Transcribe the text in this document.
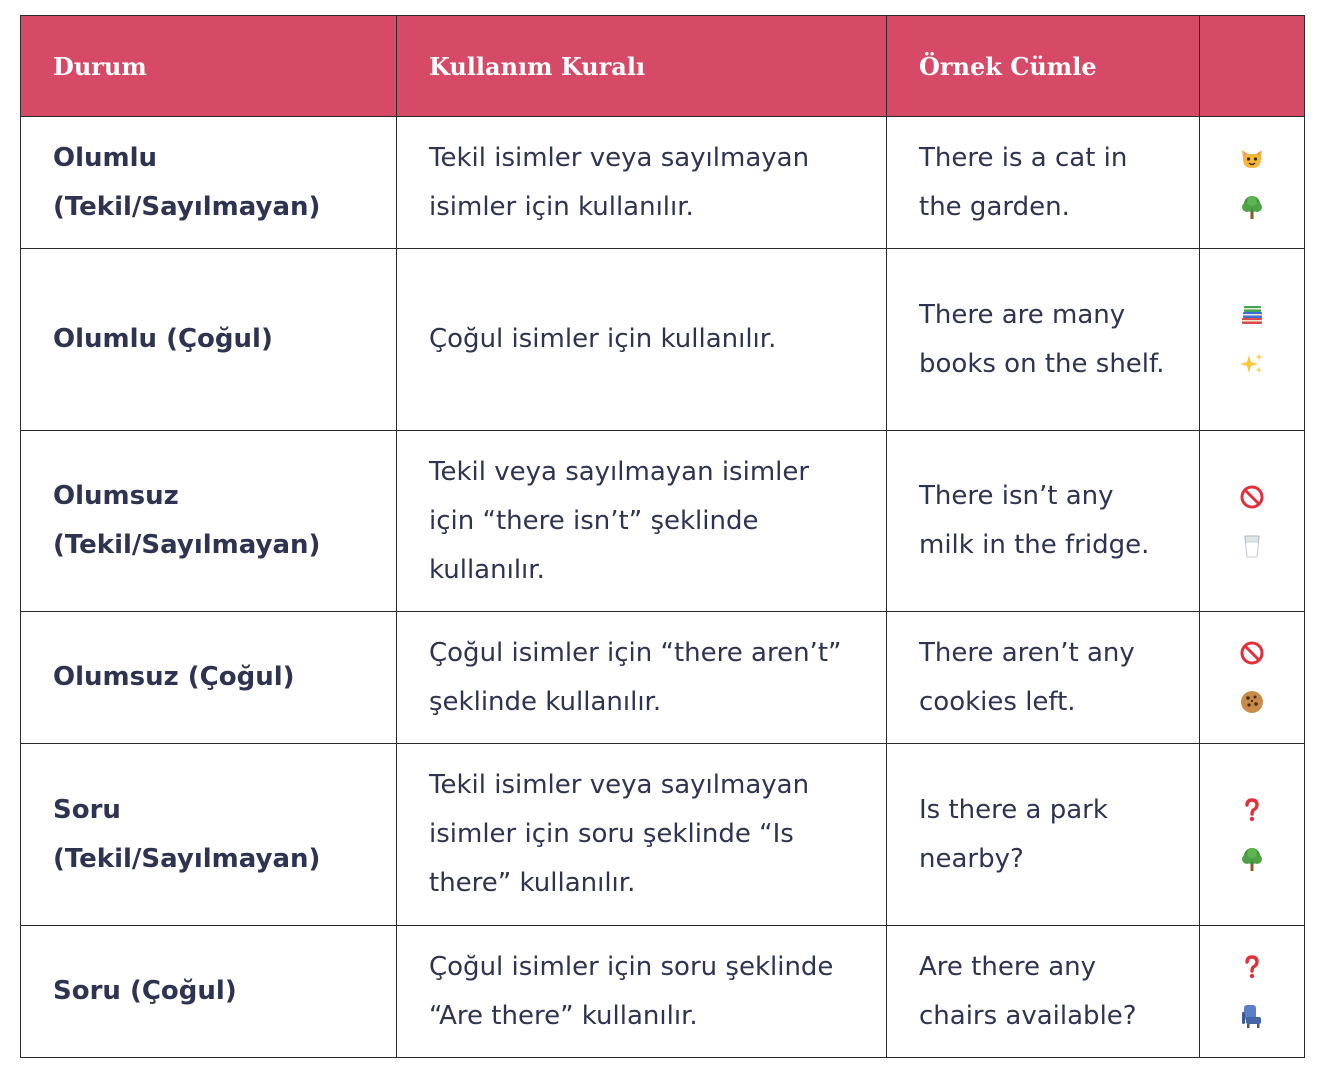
Durum	Kullanım Kuralı	Örnek Cümle	
Olumlu (Tekil/Sayılmayan)	Tekil isimler veya sayılmayan isimler için kullanılır.	There is a cat in the garden.	

Olumlu (Çoğul)	Çoğul isimler için kullanılır.	There are many books on the shelf.	

Olumsuz (Tekil/Sayılmayan)	Tekil veya sayılmayan isimler için “there isn’t” şeklinde kullanılır.	There isn’t any milk in the fridge.	

Olumsuz (Çoğul)	Çoğul isimler için “there aren’t” şeklinde kullanılır.	There aren’t any cookies left.	

Soru (Tekil/Sayılmayan)	Tekil isimler veya sayılmayan isimler için soru şeklinde “Is there” kullanılır.	Is there a park nearby?	

Soru (Çoğul)	Çoğul isimler için soru şeklinde “Are there” kullanılır.	Are there any chairs available?	
